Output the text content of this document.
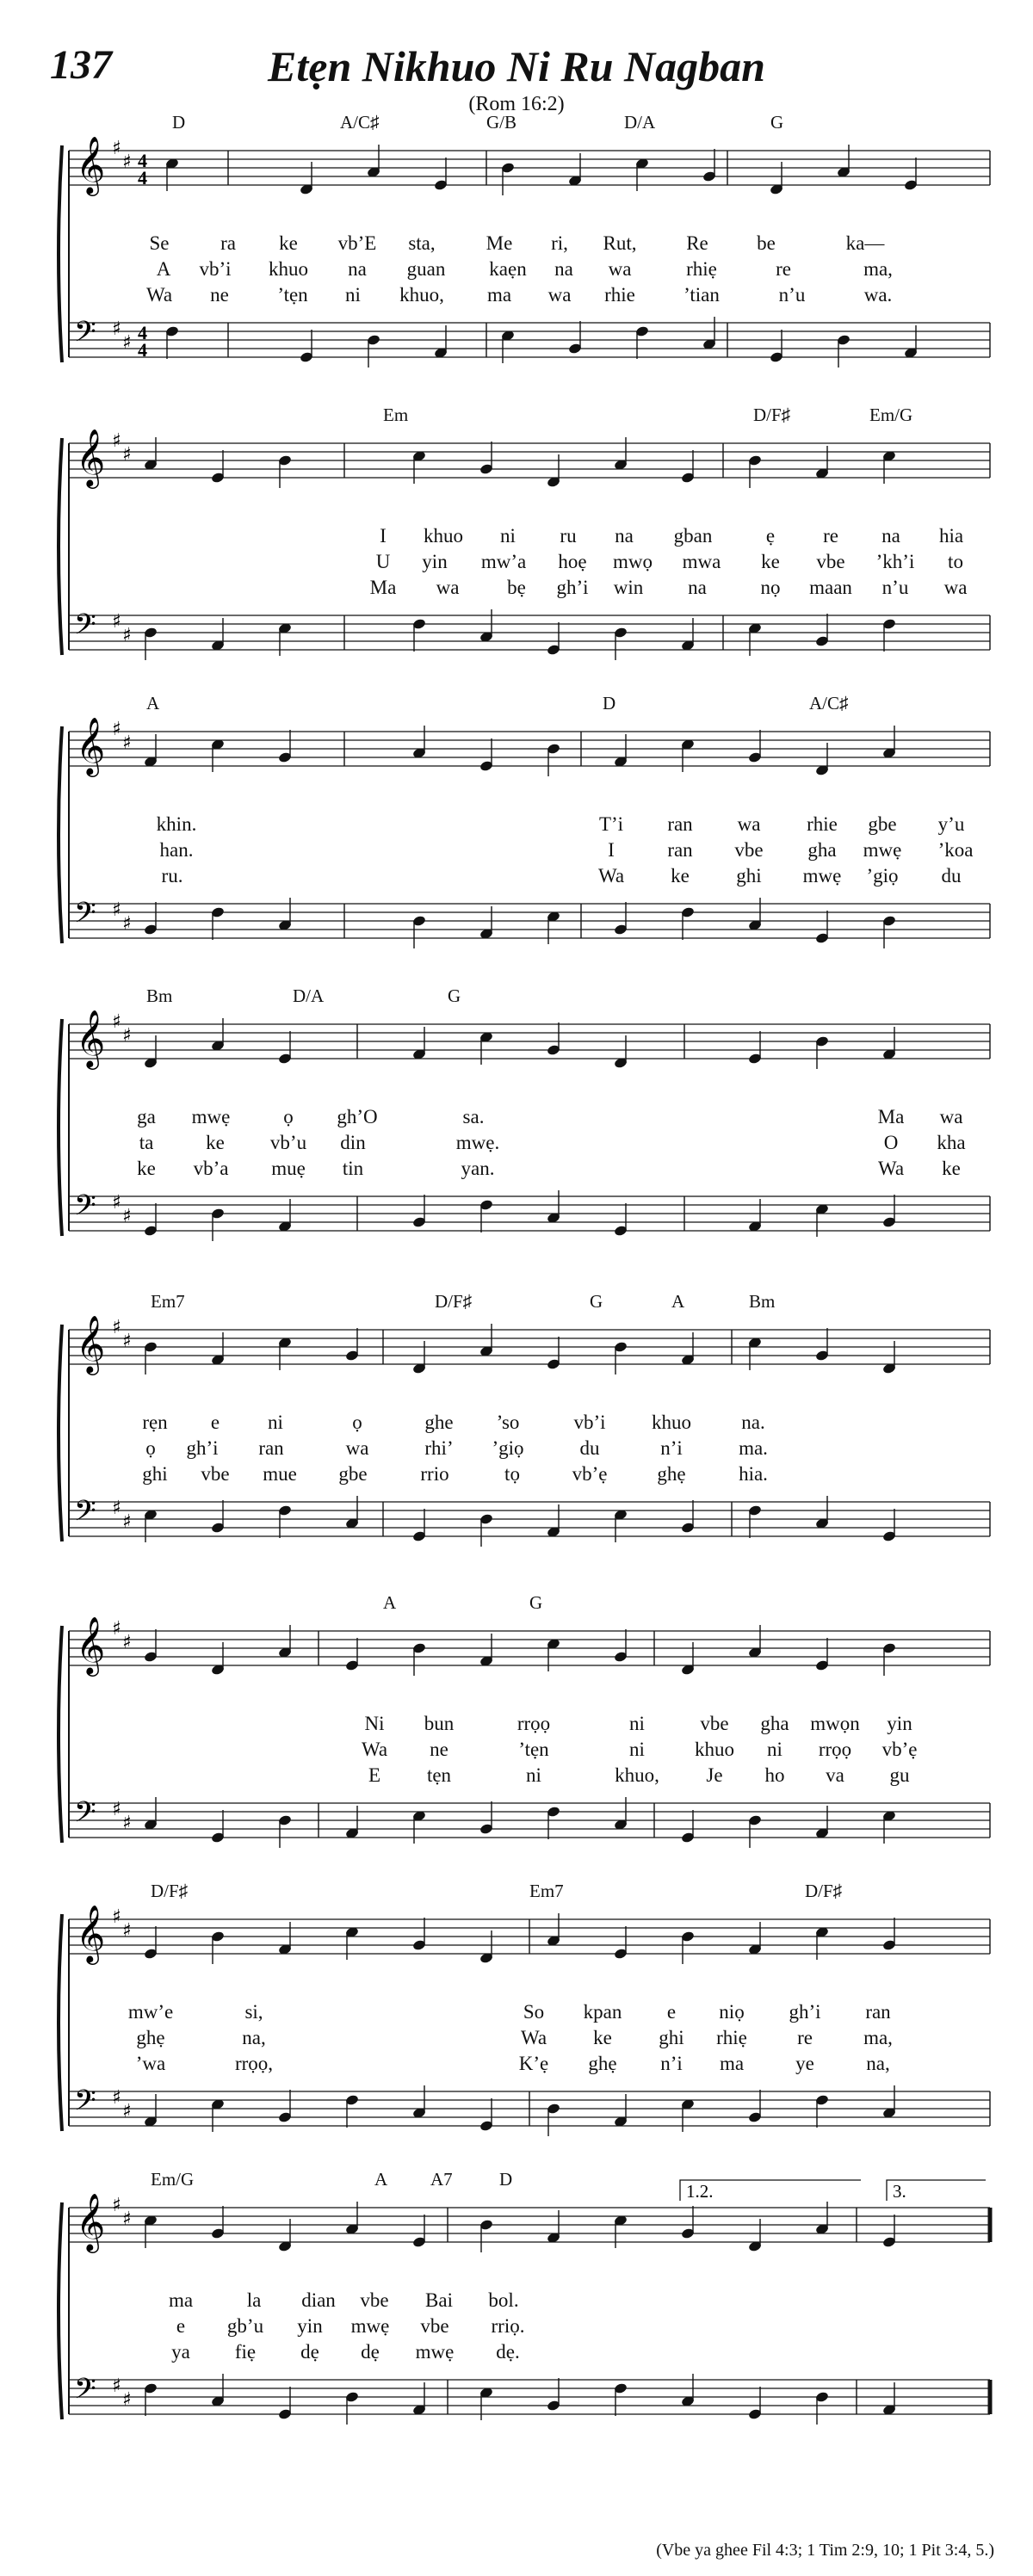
137	Etẹn Nikhuo Ni Ru Nagban
(Rom 16:2)
𝄞 ♯
♯
𝄢 ♯
♯
4
4
4
4
D	A/C♯	G/B	D/A	G
Se	ra ke vb’E sta,	Me ri, Rut,	Re be	ka—
A vb’i khuo na guan kaẹn na wa	rhiẹ	re	ma,
Wa ne ’tẹn ni khuo, ma wa rhie ’tian	n’u	wa.
𝄞 ♯
♯
𝄢 ♯
♯
Em	D/F♯	Em/G
I khuo ni ru na gban	ẹ re na hia
U yin mw’a hoẹ mwọ mwa ke vbe ’kh’i to
Ma wa bẹ gh’i win na	nọ maan n’u wa
𝄞 ♯
♯
𝄢 ♯
♯
A	D	A/C♯
khin.	T’i ran wa rhie gbe y’u
han.	I	ran vbe gha mwẹ ’koa
ru.	Wa ke ghi mwẹ ’giọ du
𝄞 ♯
♯
𝄢 ♯
♯
Bm	D/A	G
ga mwẹ	ọ gh’O	sa.	Ma wa
ta	ke vb’u din	mwẹ.	O kha
ke vb’a muẹ tin	yan.	Wa ke
𝄞 ♯
♯
𝄢 ♯
♯
Em7	D/F♯	G	A	Bm
rẹn e ni	ọ	ghe ’so	vb’i khuo	na.
ọ gh’i ran	wa	rhi’ ’giọ	du	n’i	ma.
ghi vbe mue gbe	rrio	tọ	vb’ẹ	ghẹ	hia.
𝄞 ♯
♯
𝄢 ♯
♯
A	G
Ni bun	rrọọ	ni	vbe gha mwọn yin
Wa ne	’tẹn	ni	khuo ni rrọọ vb’ẹ
E tẹn	ni	khuo, Je ho va gu
𝄞 ♯
♯
𝄢 ♯
♯
D/F♯	Em7	D/F♯
mw’e	si,	So kpan e niọ gh’i ran
ghẹ	na,	Wa ke ghi rhiẹ	re	ma,
’wa	rrọọ,	K’ẹ ghẹ n’i ma	ye	na,
𝄞 ♯
♯
𝄢 ♯
♯
1.2.	3.
Em/G	A A7	D
ma	la dian vbe Bai bol.
e gb’u yin mwẹ vbe rriọ.
ya fiẹ dẹ dẹ mwẹ dẹ.
(Vbe ya ghee Fil 4:3; 1 Tim 2:9, 10; 1 Pit 3:4, 5.)
